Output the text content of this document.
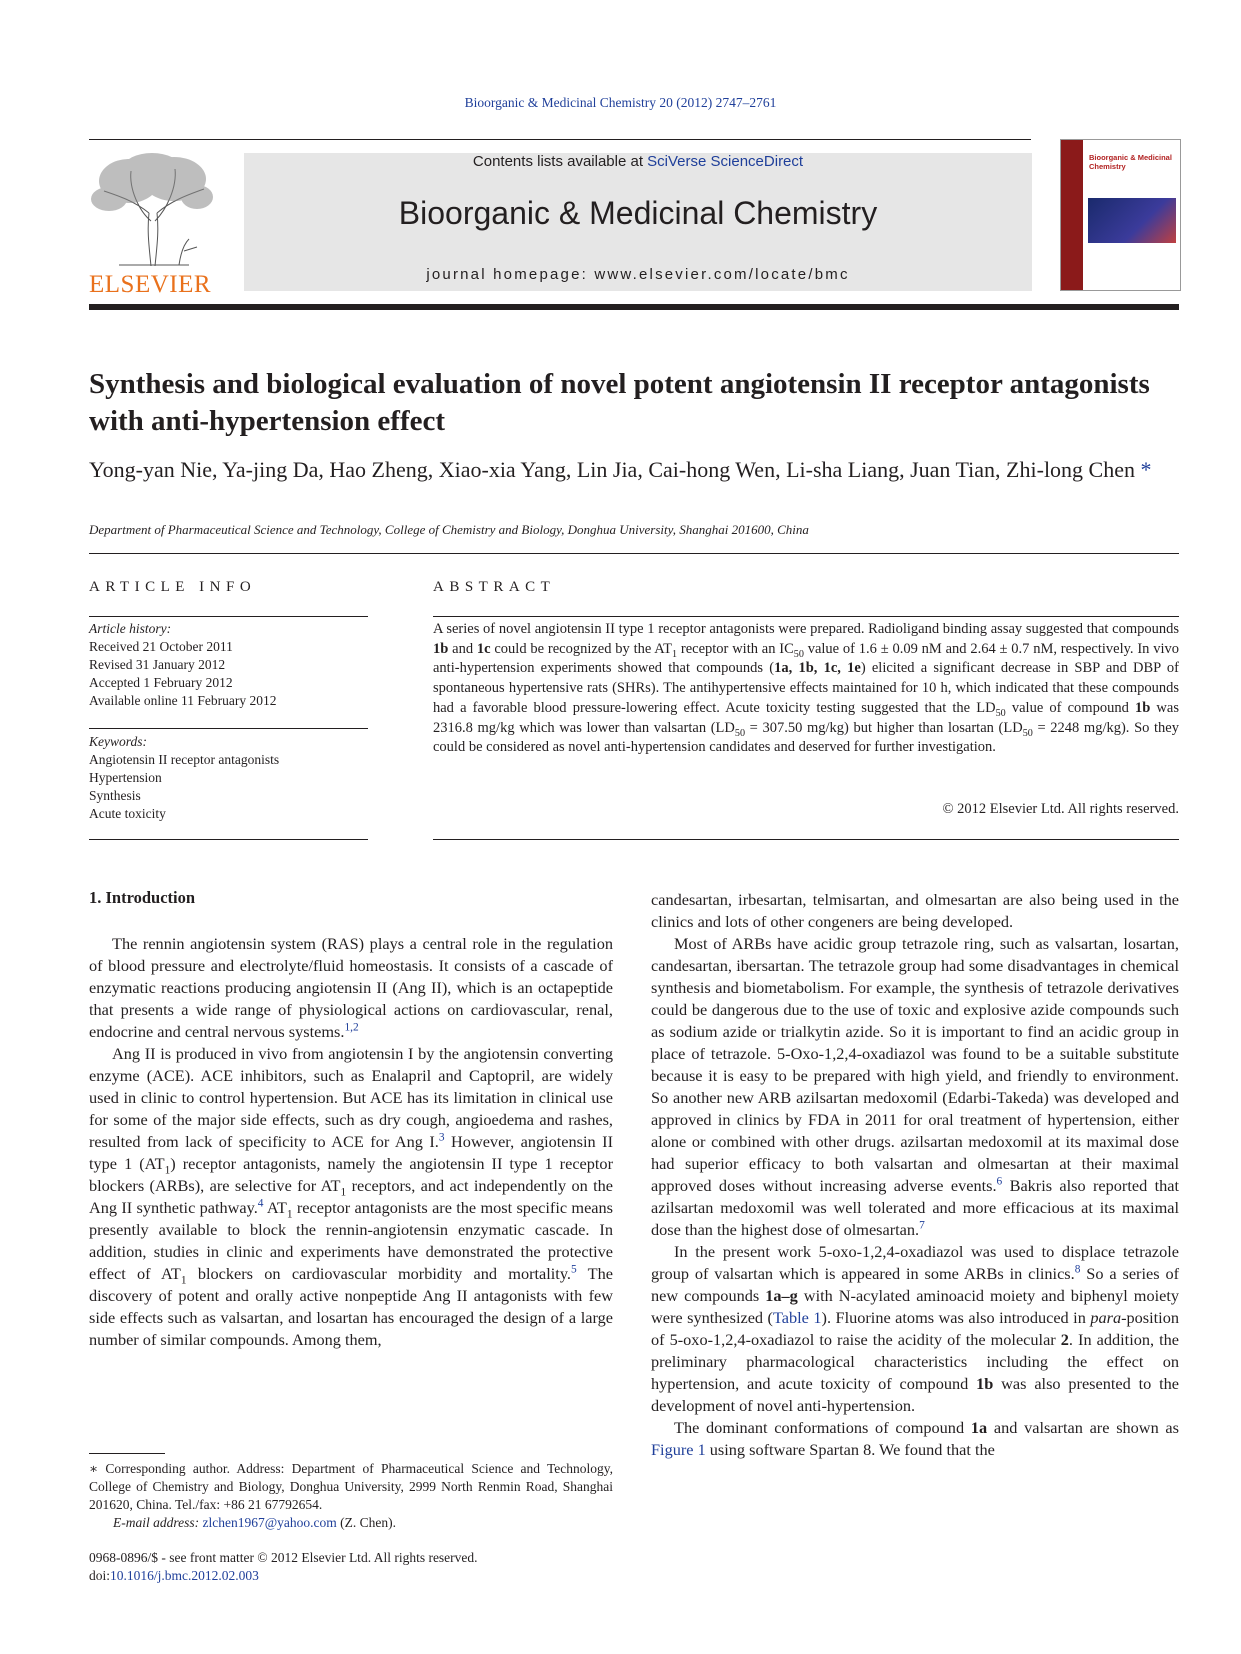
Bioorganic & Medicinal Chemistry 20 (2012) 2747–2761
ELSEVIER
Contents lists available at SciVerse ScienceDirect
Bioorganic & Medicinal Chemistry
journal homepage: www.elsevier.com/locate/bmc
Bioorganic & Medicinal Chemistry
Synthesis and biological evaluation of novel potent angiotensin II receptor antagonists with anti-hypertension effect
Yong-yan Nie, Ya-jing Da, Hao Zheng, Xiao-xia Yang, Lin Jia, Cai-hong Wen, Li-sha Liang, Juan Tian, Zhi-long Chen *
Department of Pharmaceutical Science and Technology, College of Chemistry and Biology, Donghua University, Shanghai 201600, China
ARTICLE INFO	ABSTRACT
Article history:
Received 21 October 2011
Revised 31 January 2012
Accepted 1 February 2012
Available online 11 February 2012
Keywords:
Angiotensin II receptor antagonists
Hypertension
Synthesis
Acute toxicity
A series of novel angiotensin II type 1 receptor antagonists were prepared. Radioligand binding assay suggested that compounds 1b and 1c could be recognized by the $AT_1$ receptor with an $IC_{50}$ value of 1.6 ± 0.09 nM and 2.64 ± 0.7 nM, respectively. In vivo anti-hypertension experiments showed that compounds (1a, 1b, 1c, 1e) elicited a significant decrease in SBP and DBP of spontaneous hypertensive rats (SHRs). The antihypertensive effects maintained for 10 h, which indicated that these compounds had a favorable blood pressure-lowering effect. Acute toxicity testing suggested that the $LD_{50}$ value of compound 1b was 2316.8 mg/kg which was lower than valsartan ($LD_{50} = 307.50$ mg/kg) but higher than losartan ($LD_{50} = 2248$ mg/kg). So they could be considered as novel anti-hypertension candidates and deserved for further investigation.
© 2012 Elsevier Ltd. All rights reserved.
1. Introduction

The rennin angiotensin system (RAS) plays a central role in the regulation of blood pressure and electrolyte/fluid homeostasis. It consists of a cascade of enzymatic reactions producing angiotensin II (Ang II), which is an octapeptide that presents a wide range of physiological actions on cardiovascular, renal, endocrine and central nervous systems.$^{1,2}$

Ang II is produced in vivo from angiotensin I by the angiotensin converting enzyme (ACE). ACE inhibitors, such as Enalapril and Captopril, are widely used in clinic to control hypertension. But ACE has its limitation in clinical use for some of the major side effects, such as dry cough, angioedema and rashes, resulted from lack of specificity to ACE for Ang I.$^3$ However, angiotensin II type 1 $(AT_1)$ receptor antagonists, namely the angiotensin II type 1 receptor blockers (ARBs), are selective for $AT_1$ receptors, and act independently on the Ang II synthetic pathway.$^4$ $AT_1$ receptor antagonists are the most specific means presently available to block the rennin-angiotensin enzymatic cascade. In addition, studies in clinic and experiments have demonstrated the protective effect of $AT_1$ blockers on cardiovascular morbidity and mortality.$^5$ The discovery of potent and orally active nonpeptide Ang II antagonists with few side effects such as valsartan, and losartan has encouraged the design of a large number of similar compounds. Among them,

candesartan, irbesartan, telmisartan, and olmesartan are also being used in the clinics and lots of other congeners are being developed.

Most of ARBs have acidic group tetrazole ring, such as valsartan, losartan, candesartan, ibersartan. The tetrazole group had some disadvantages in chemical synthesis and biometabolism. For example, the synthesis of tetrazole derivatives could be dangerous due to the use of toxic and explosive azide compounds such as sodium azide or trialkytin azide. So it is important to find an acidic group in place of tetrazole. 5-Oxo-1,2,4-oxadiazol was found to be a suitable substitute because it is easy to be prepared with high yield, and friendly to environment. So another new ARB azilsartan medoxomil (Edarbi-Takeda) was developed and approved in clinics by FDA in 2011 for oral treatment of hypertension, either alone or combined with other drugs. azilsartan medoxomil at its maximal dose had superior efficacy to both valsartan and olmesartan at their maximal approved doses without increasing adverse events.$^6$ Bakris also reported that azilsartan medoxomil was well tolerated and more efficacious at its maximal dose than the highest dose of olmesartan.$^7$

In the present work 5-oxo-1,2,4-oxadiazol was used to displace tetrazole group of valsartan which is appeared in some ARBs in clinics.$^8$ So a series of new compounds 1a–g with N-acylated aminoacid moiety and biphenyl moiety were synthesized (Table 1). Fluorine atoms was also introduced in para-position of 5-oxo-1,2,4-oxadiazol to raise the acidity of the molecular 2. In addition, the preliminary pharmacological characteristics including the effect on hypertension, and acute toxicity of compound 1b was also presented to the development of novel anti-hypertension.

The dominant conformations of compound 1a and valsartan are shown as Figure 1 using software Spartan 8. We found that the

∗ Corresponding author. Address: Department of Pharmaceutical Science and Technology, College of Chemistry and Biology, Donghua University, 2999 North Renmin Road, Shanghai 201620, China. Tel./fax: +86 21 67792654.
E-mail address: zlchen1967@yahoo.com (Z. Chen).
0968-0896/$ - see front matter © 2012 Elsevier Ltd. All rights reserved.
doi:10.1016/j.bmc.2012.02.003
